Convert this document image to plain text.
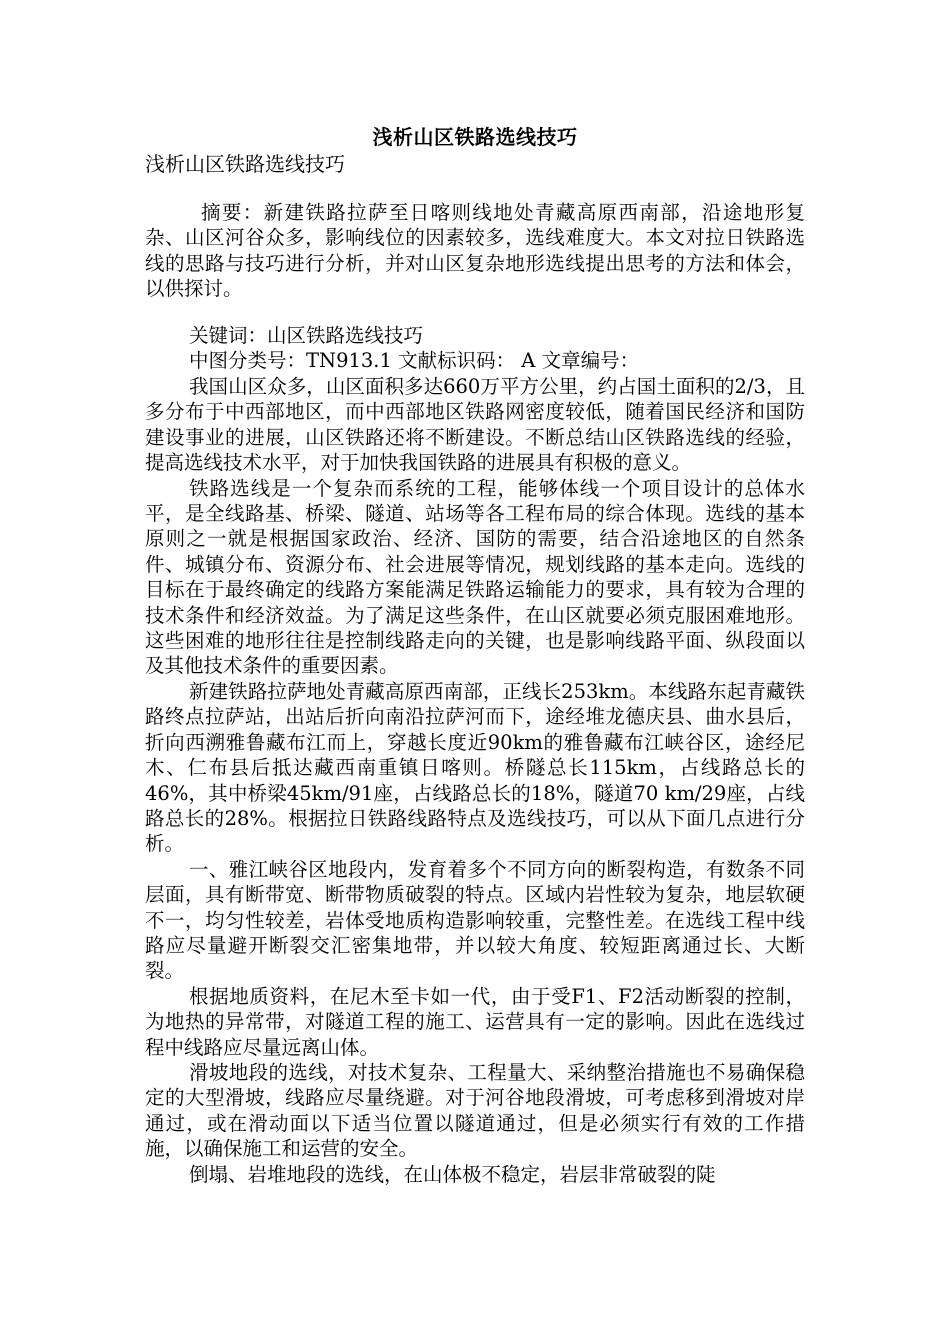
浅析山区铁路选线技巧
浅析山区铁路选线技巧

摘要：新建铁路拉萨至日喀则线地处青藏高原西南部，沿途地形复杂、山区河谷众多，影响线位的因素较多，选线难度大。本文对拉日铁路选线的思路与技巧进行分析，并对山区复杂地形选线提出思考的方法和体会，以供探讨。

关键词：山区铁路选线技巧

中图分类号：TN913.1 文献标识码： A 文章编号：

我国山区众多，山区面积多达660万平方公里，约占国土面积的2/3，且多分布于中西部地区，而中西部地区铁路网密度较低，随着国民经济和国防建设事业的进展，山区铁路还将不断建设。不断总结山区铁路选线的经验，提高选线技术水平，对于加快我国铁路的进展具有积极的意义。

铁路选线是一个复杂而系统的工程，能够体线一个项目设计的总体水平，是全线路基、桥梁、隧道、站场等各工程布局的综合体现。选线的基本原则之一就是根据国家政治、经济、国防的需要，结合沿途地区的自然条件、城镇分布、资源分布、社会进展等情况，规划线路的基本走向。选线的目标在于最终确定的线路方案能满足铁路运输能力的要求，具有较为合理的技术条件和经济效益。为了满足这些条件，在山区就要必须克服困难地形。这些困难的地形往往是控制线路走向的关键，也是影响线路平面、纵段面以及其他技术条件的重要因素。

新建铁路拉萨地处青藏高原西南部，正线长253km。本线路东起青藏铁路终点拉萨站，出站后折向南沿拉萨河而下，途经堆龙德庆县、曲水县后，折向西溯雅鲁藏布江而上，穿越长度近90km的雅鲁藏布江峡谷区，途经尼木、仁布县后抵达藏西南重镇日喀则。桥隧总长115km，占线路总长的46%，其中桥梁45km/91座，占线路总长的18%，隧道70 km/29座，占线路总长的28%。根据拉日铁路线路特点及选线技巧，可以从下面几点进行分析。

一、雅江峡谷区地段内，发育着多个不同方向的断裂构造，有数条不同层面，具有断带宽、断带物质破裂的特点。区域内岩性较为复杂，地层软硬不一，均匀性较差，岩体受地质构造影响较重，完整性差。在选线工程中线路应尽量避开断裂交汇密集地带，并以较大角度、较短距离通过长、大断裂。

根据地质资料，在尼木至卡如一代，由于受F1、F2活动断裂的控制，为地热的异常带，对隧道工程的施工、运营具有一定的影响。因此在选线过程中线路应尽量远离山体。

滑坡地段的选线，对技术复杂、工程量大、采纳整治措施也不易确保稳定的大型滑坡，线路应尽量绕避。对于河谷地段滑坡，可考虑移到滑坡对岸通过，或在滑动面以下适当位置以隧道通过，但是必须实行有效的工作措施，以确保施工和运营的安全。

倒塌、岩堆地段的选线，在山体极不稳定，岩层非常破裂的陡
